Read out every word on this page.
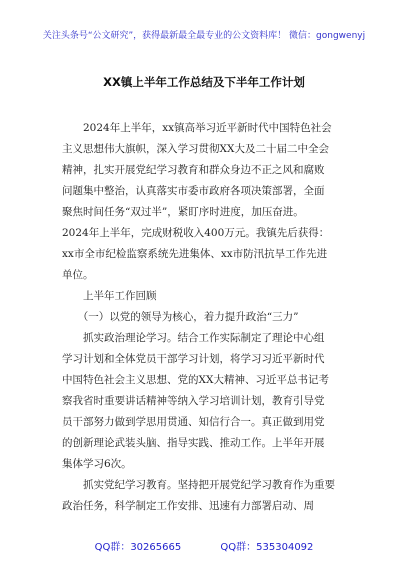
关注头条号“公文研究”，获得最新最全最专业的公文资料库！ 微信：gongwenyj
XX镇上半年工作总结及下半年工作计划
　　2024年上半年，xx镇高举习近平新时代中国特色社会
主义思想伟大旗帜，深入学习贯彻XX大及二十届二中全会
精神，扎实开展党纪学习教育和群众身边不正之风和腐败
问题集中整治，认真落实市委市政府各项决策部署，全面
聚焦时间任务“双过半”，紧盯序时进度，加压奋进。
2024年上半年，完成财税收入400万元。我镇先后获得：
xx市全市纪检监察系统先进集体、xx市防汛抗旱工作先进
单位。
　　上半年工作回顾
　　（一）以党的领导为核心，着力提升政治“三力”
　　抓实政治理论学习。结合工作实际制定了理论中心组
学习计划和全体党员干部学习计划，将学习习近平新时代
中国特色社会主义思想、党的XX大精神、习近平总书记考
察我省时重要讲话精神等纳入学习培训计划，教育引导党
员干部努力做到学思用贯通、知信行合一。真正做到用党
的创新理论武装头脑、指导实践、推动工作。上半年开展
集体学习6次。
　　抓实党纪学习教育。坚持把开展党纪学习教育作为重要
政治任务，科学制定工作安排、迅速有力部署启动、周
QQ群：30265665	QQ群：535304092
